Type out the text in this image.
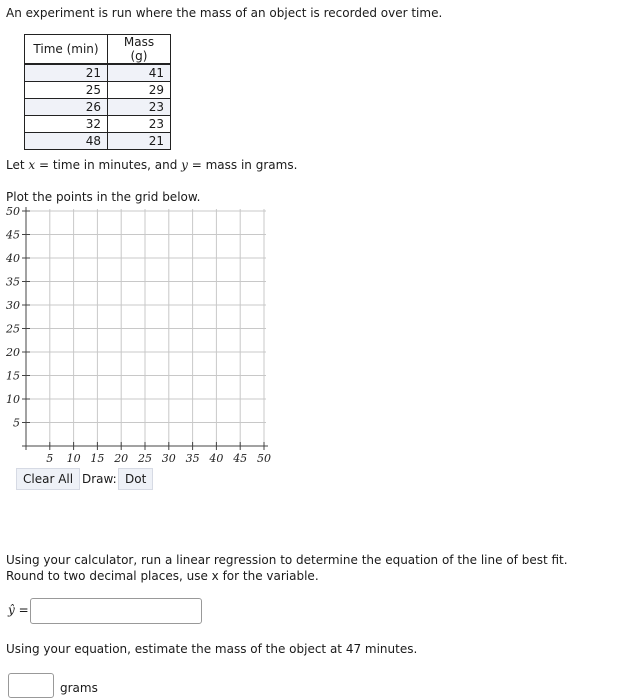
An experiment is run where the mass of an object is recorded over time.
Time (min)	Mass (g)
21	41
25	29
26	23
32	23
48	21
Let x = time in minutes, and y = mass in grams.
Plot the points in the grid below.
50
45
40
35
30
25
20
15
10
5
5 10 15 20 25 30 35 40 45 50
Clear All Draw: Dot
Using your calculator, run a linear regression to determine the equation of the line of best fit. Round to two decimal places, use x for the variable.
ŷ =
Using your equation, estimate the mass of the object at 47 minutes.
grams
